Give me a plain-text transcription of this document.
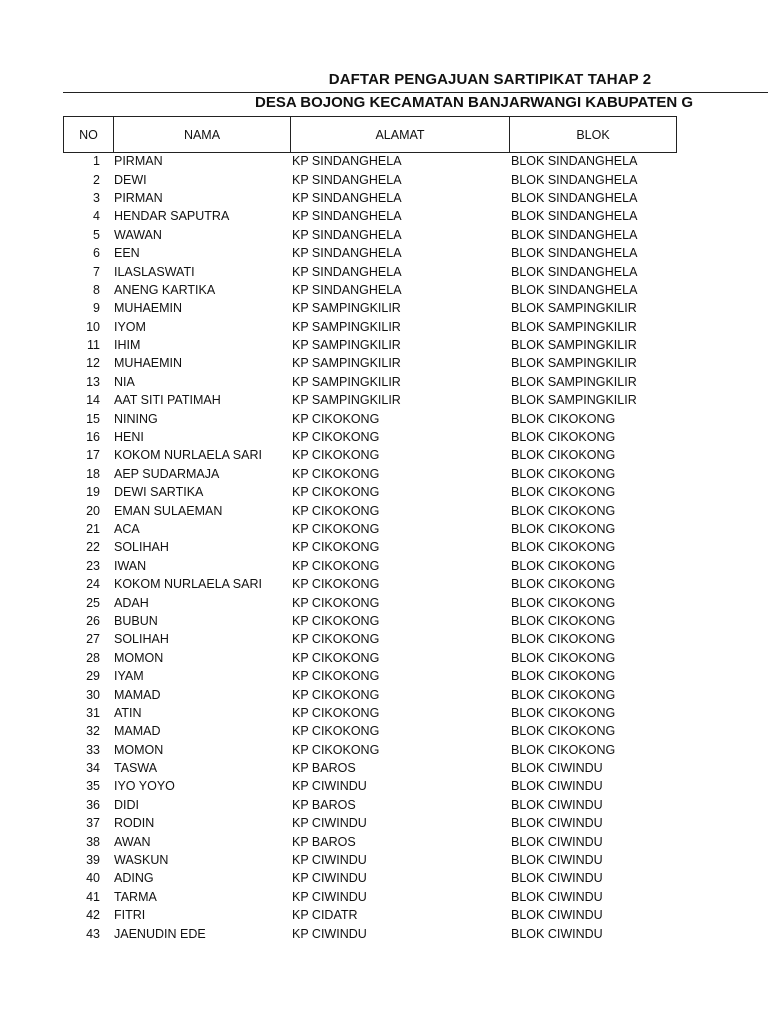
DAFTAR PENGAJUAN SARTIPIKAT TAHAP 2
DESA BOJONG KECAMATAN BANJARWANGI KABUPATEN G
NO	NAMA	ALAMAT	BLOK
1	PIRMAN	KP SINDANGHELA	BLOK SINDANGHELA
2	DEWI	KP SINDANGHELA	BLOK SINDANGHELA
3	PIRMAN	KP SINDANGHELA	BLOK SINDANGHELA
4	HENDAR SAPUTRA	KP SINDANGHELA	BLOK SINDANGHELA
5	WAWAN	KP SINDANGHELA	BLOK SINDANGHELA
6	EEN	KP SINDANGHELA	BLOK SINDANGHELA
7	ILASLASWATI	KP SINDANGHELA	BLOK SINDANGHELA
8	ANENG KARTIKA	KP SINDANGHELA	BLOK SINDANGHELA
9	MUHAEMIN	KP SAMPINGKILIR	BLOK SAMPINGKILIR
10	IYOM	KP SAMPINGKILIR	BLOK SAMPINGKILIR
11	IHIM	KP SAMPINGKILIR	BLOK SAMPINGKILIR
12	MUHAEMIN	KP SAMPINGKILIR	BLOK SAMPINGKILIR
13	NIA	KP SAMPINGKILIR	BLOK SAMPINGKILIR
14	AAT SITI PATIMAH	KP SAMPINGKILIR	BLOK SAMPINGKILIR
15	NINING	KP CIKOKONG	BLOK CIKOKONG
16	HENI	KP CIKOKONG	BLOK CIKOKONG
17	KOKOM NURLAELA SARI	KP CIKOKONG	BLOK CIKOKONG
18	AEP SUDARMAJA	KP CIKOKONG	BLOK CIKOKONG
19	DEWI SARTIKA	KP CIKOKONG	BLOK CIKOKONG
20	EMAN SULAEMAN	KP CIKOKONG	BLOK CIKOKONG
21	ACA	KP CIKOKONG	BLOK CIKOKONG
22	SOLIHAH	KP CIKOKONG	BLOK CIKOKONG
23	IWAN	KP CIKOKONG	BLOK CIKOKONG
24	KOKOM NURLAELA SARI	KP CIKOKONG	BLOK CIKOKONG
25	ADAH	KP CIKOKONG	BLOK CIKOKONG
26	BUBUN	KP CIKOKONG	BLOK CIKOKONG
27	SOLIHAH	KP CIKOKONG	BLOK CIKOKONG
28	MOMON	KP CIKOKONG	BLOK CIKOKONG
29	IYAM	KP CIKOKONG	BLOK CIKOKONG
30	MAMAD	KP CIKOKONG	BLOK CIKOKONG
31	ATIN	KP CIKOKONG	BLOK CIKOKONG
32	MAMAD	KP CIKOKONG	BLOK CIKOKONG
33	MOMON	KP CIKOKONG	BLOK CIKOKONG
34	TASWA	KP BAROS	BLOK CIWINDU
35	IYO YOYO	KP CIWINDU	BLOK CIWINDU
36	DIDI	KP BAROS	BLOK CIWINDU
37	RODIN	KP CIWINDU	BLOK CIWINDU
38	AWAN	KP BAROS	BLOK CIWINDU
39	WASKUN	KP CIWINDU	BLOK CIWINDU
40	ADING	KP CIWINDU	BLOK CIWINDU
41	TARMA	KP CIWINDU	BLOK CIWINDU
42	FITRI	KP CIDATR	BLOK CIWINDU
43	JAENUDIN EDE	KP CIWINDU	BLOK CIWINDU
